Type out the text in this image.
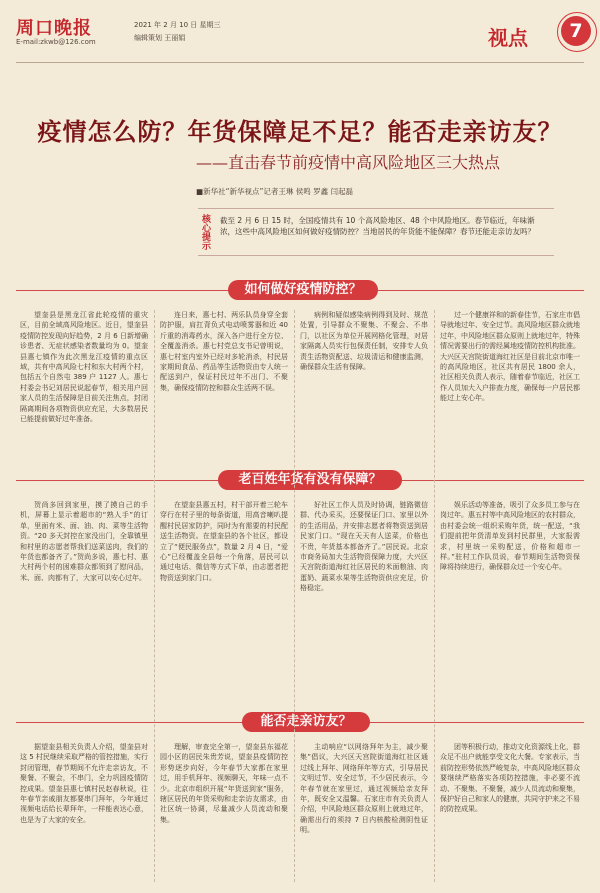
周口晚报
E-mail:zkwb@126.com
2021 年 2 月 10 日 星期三
编辑策划 王丽娟	视点	7
疫情怎么防？年货保障足不足？能否走亲访友？
——直击春节前疫情中高风险地区三大热点
■新华社“新华视点”记者王琳 侯鸣 罗鑫 闫起磊
核心提示 截至 2 月 6 日 15 时，全国疫情共有 10 个高风险地区、48 个中风险地区。春节临近，年味渐浓，这些中高风险地区如何做好疫情防控？当地居民的年货能不能保障？春节还能走亲访友吗？
如何做好疫情防控？

望奎县是黑龙江省此轮疫情的重灾区，目前全域高风险地区。近日，望奎县疫情防控发现向好趋势，2 月 6 日新增确诊患者、无症状感染者数量均为 0。望奎县惠七镇作为此次黑龙江疫情的重点区域，共有中高风险七村和东大村两个村，包括五个自然屯 389 户 1127 人。惠七村委会书记刘居民说起春节，相关用户回家人员的生活保障是目前关注焦点，封闭隔离期间各项物资供应充足，大多数居民已能提前做好过年准备。

连日来，惠七村、两乐队员身穿全套防护服，肩扛背负式电动喷雾器和近 40 斤重的消毒药水，深入各户进行全方位、全覆盖消杀。惠七村党总支书记曾明说，惠七村室内室外已经对多轮消杀，村民居家期间食品、药品等生活物资由专人统一配送到户，保证村民过年不出门、不聚集，确保疫情防控和群众生活两不误。

病例和疑似感染病例得到及时、规范处置，引导群众不聚集、不聚会、不串门，以社区为单位开展网格化管理，对居家隔离人员实行包保责任制，安排专人负责生活物资配送、垃圾清运和健康监测，确保群众生活有保障。

过一个健康祥和的新春佳节，石家庄市倡导就地过年、安全过节。高风险地区群众就地过年，中风险地区群众原则上就地过年，特殊情况需要出行的需经属地疫情防控机构批准。大兴区天宫院街道海红社区是目前北京市唯一的高风险地区，社区共有居民 1800 余人，社区相关负责人表示，随着春节临近，社区工作人员加大入户排查力度，确保每一户居民都能过上安心年。

老百姓年货有没有保障？

贺尚多回到家里，摸了摸自己的手机，屏幕上显示着超市的“熟人手”的订单，里面有米、面、油、肉、菜等生活物资。“20 多天封控在家没出门，全靠镇里和村里的志愿者帮我们送菜送肉，我们的年货也都备齐了。”贺尚多说，惠七村、惠大村两个村的困难群众都领到了慰问品，米、面、肉都有了，大家可以安心过年。

在望奎县惠五村，村干部开着三轮车穿行在村子里的每条街道，用高音喇叭提醒村民居家防护，同时为有需要的村民配送生活物资。在望奎县的各个社区，都设立了“便民服务点”，数量 2 月 4 日，“爱心”已经覆盖全县每一个角落，居民可以通过电话、微信等方式下单，由志愿者把物资送到家门口。

好社区工作人员及时协调，链路微信群、代办采买，还要保证门口、家里以外的生活用品，并安排志愿者将物资送到居民家门口。“现在天天有人送菜，价格也不贵，年货基本都备齐了。”居民说。北京市商务局加大生活物资保障力度，大兴区天宫院街道海红社区居民的米面粮油、肉蛋奶、蔬菜水果等生活物资供应充足，价格稳定。

娱乐活动等准备，吸引了众多员工参与在岗过年。惠五村等中高风险地区的农村群众，由村委会统一组织采购年货，统一配送，“我们提前把年货清单发到村民群里，大家报需求，村里统一采购配送，价格和超市一样。”驻村工作队员说，春节期间生活物资保障将持续进行，确保群众过一个安心年。

能否走亲访友？

据望奎县相关负责人介绍，望奎县对这 5 村民继续采取严格的管控措施，实行封闭管理，春节期间不允许走亲访友，不聚餐、不聚会，不串门，全力巩固疫情防控成果。望奎县惠七镇村民赵春秋说，往年春节亲戚朋友都要串门拜年，今年通过视频电话给长辈拜年，一样能表达心意，也是为了大家的安全。

理解，审查完全第一，望奎县东福花园小区的居民朱贵芳说，望奎县疫情防控形势逐步向好，今年春节大家都在家里过，用手机拜年、视频聊天，年味一点不少。北京市组织开展“年货送到家”服务，辖区居民的年货采购和走亲访友需求，由社区统一协调，尽量减少人员流动和聚集。

主动响应“以网络拜年为主，减少聚集”倡议，大兴区天宫院街道海红社区通过线上拜年、网络拜年等方式，引导居民文明过节、安全过节，不少居民表示，今年春节就在家里过，通过视频给亲友拜年，既安全又温馨。石家庄市有关负责人介绍，中风险地区群众原则上就地过年，确需出行的须持 7 日内核酸检测阴性证明。

团等积极行动，推动文化资源线上化，群众足不出户就能享受文化大餐。专家表示，当前防控形势依然严峻复杂，中高风险地区群众要继续严格落实各项防控措施，非必要不流动、不聚集、不聚餐，减少人员流动和聚集，保护好自己和家人的健康，共同守护来之不易的防控成果。
